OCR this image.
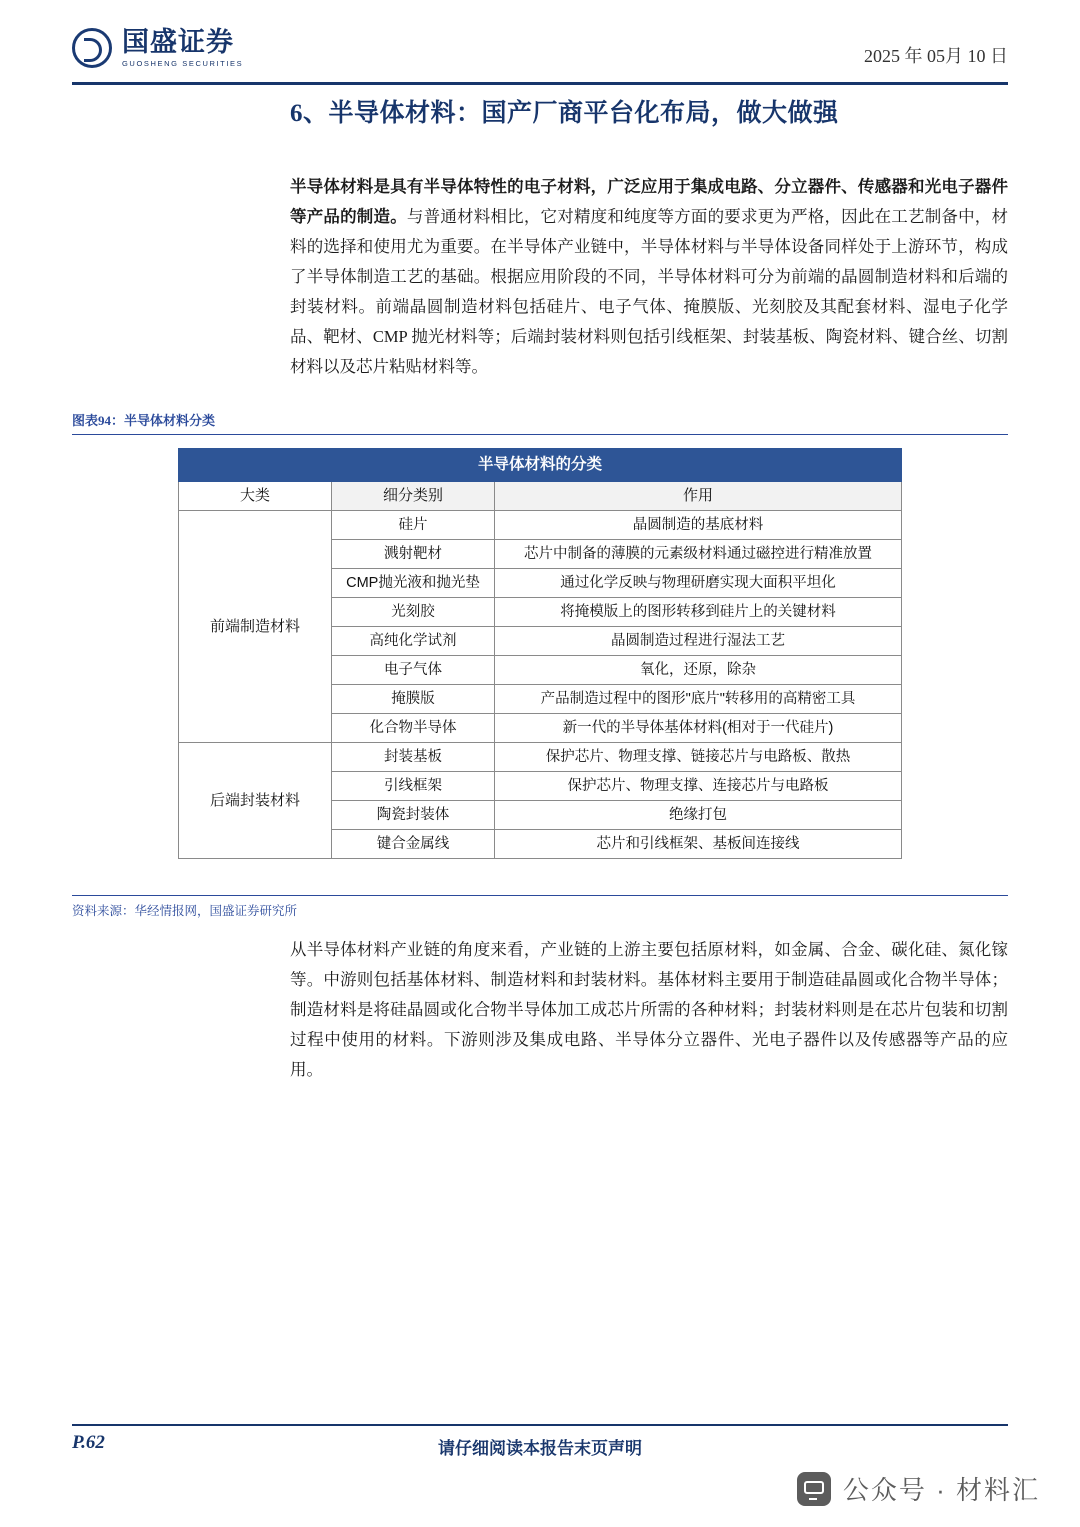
国盛证券
GUOSHENG SECURITIES	2025 年 05月 10 日
6、半导体材料：国产厂商平台化布局，做大做强
半导体材料是具有半导体特性的电子材料，广泛应用于集成电路、分立器件、传感器和光电子器件等产品的制造。与普通材料相比，它对精度和纯度等方面的要求更为严格，因此在工艺制备中，材料的选择和使用尤为重要。在半导体产业链中，半导体材料与半导体设备同样处于上游环节，构成了半导体制造工艺的基础。根据应用阶段的不同，半导体材料可分为前端的晶圆制造材料和后端的封装材料。前端晶圆制造材料包括硅片、电子气体、掩膜版、光刻胶及其配套材料、湿电子化学品、靶材、CMP 抛光材料等；后端封装材料则包括引线框架、封装基板、陶瓷材料、键合丝、切割材料以及芯片粘贴材料等。
图表94：半导体材料分类
半导体材料的分类		
大类	细分类别	作用
前端制造材料	硅片	晶圆制造的基底材料
	溅射靶材	芯片中制备的薄膜的元素级材料通过磁控进行精准放置
	CMP抛光液和抛光垫	通过化学反映与物理研磨实现大面积平坦化
	光刻胶	将掩模版上的图形转移到硅片上的关键材料
	高纯化学试剂	晶圆制造过程进行湿法工艺
	电子气体	氧化，还原，除杂
	掩膜版	产品制造过程中的图形"底片"转移用的高精密工具
	化合物半导体	新一代的半导体基体材料(相对于一代硅片)
后端封装材料	封装基板	保护芯片、物理支撑、链接芯片与电路板、散热
	引线框架	保护芯片、物理支撑、连接芯片与电路板
	陶瓷封装体	绝缘打包
	键合金属线	芯片和引线框架、基板间连接线
资料来源：华经情报网，国盛证券研究所
从半导体材料产业链的角度来看，产业链的上游主要包括原材料，如金属、合金、碳化硅、氮化镓等。中游则包括基体材料、制造材料和封装材料。基体材料主要用于制造硅晶圆或化合物半导体；制造材料是将硅晶圆或化合物半导体加工成芯片所需的各种材料；封装材料则是在芯片包装和切割过程中使用的材料。下游则涉及集成电路、半导体分立器件、光电子器件以及传感器等产品的应用。
P.62	请仔细阅读本报告末页声明
公众号 · 材料汇
